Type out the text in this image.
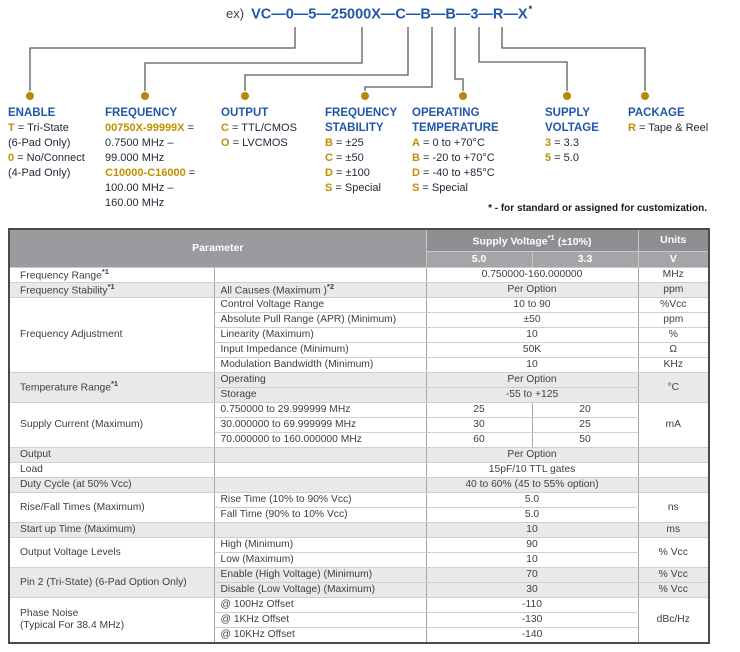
ex) VC—0—5—25000X—C—B—B—3—R—X*
ENABLE
T = Tri-State
(6-Pad Only)
0 = No/Connect
(4-Pad Only)
FREQUENCY
00750X-99999X =
0.7500 MHz –
99.000 MHz
C10000-C16000 =
100.00 MHz –
160.00 MHz
OUTPUT
C = TTL/CMOS
O = LVCMOS
FREQUENCY
STABILITY
B = ±25
C = ±50
D = ±100
S = Special
OPERATING
TEMPERATURE
A = 0 to +70°C
B = -20 to +70°C
D = -40 to +85°C
S = Special
SUPPLY
VOLTAGE
3 = 3.3
5 = 5.0
PACKAGE
R = Tape & Reel
* - for standard or assigned for customization.
Parameter		Supply Voltage$^{*1}$ (±10%)		Units
		5.0	3.3	V
Frequency Range$^{*1}$		0.750000-160.000000		MHz
Frequency Stability$^{*1}$	All Causes (Maximum )$^{*2}$	Per Option		ppm
Frequency Adjustment	Control Voltage Range	10 to 90		%Vcc
	Absolute Pull Range (APR) (Minimum)	±50		ppm
	Linearity (Maximum)	10		%
	Input Impedance (Minimum)	50K		Ω
	Modulation Bandwidth (Minimum)	10		KHz
Temperature Range$^{*1}$	Operating	Per Option		°C
	Storage	-55 to +125		
Supply Current (Maximum)	0.750000 to 29.999999 MHz	25	20	mA
	30.000000 to 69.999999 MHz	30	25	
	70.000000 to 160.000000 MHz	60	50	
Output		Per Option		
Load		15pF/10 TTL gates		
Duty Cycle (at 50% Vcc)		40 to 60% (45 to 55% option)		
Rise/Fall Times (Maximum)	Rise Time (10% to 90% Vcc)	5.0		ns
	Fall Time (90% to 10% Vcc)	5.0		
Start up Time (Maximum)		10		ms
Output Voltage Levels	High (Minimum)	90		% Vcc
	Low (Maximum)	10		
Pin 2 (Tri-State) (6-Pad Option Only)	Enable (High Voltage) (Minimum)	70		% Vcc
	Disable (Low Voltage) (Maximum)	30		% Vcc
Phase Noise
(Typical For 38.4 MHz)	@ 100Hz Offset	-110		dBc/Hz
	@ 1KHz Offset	-130		
	@ 10KHz Offset	-140		
